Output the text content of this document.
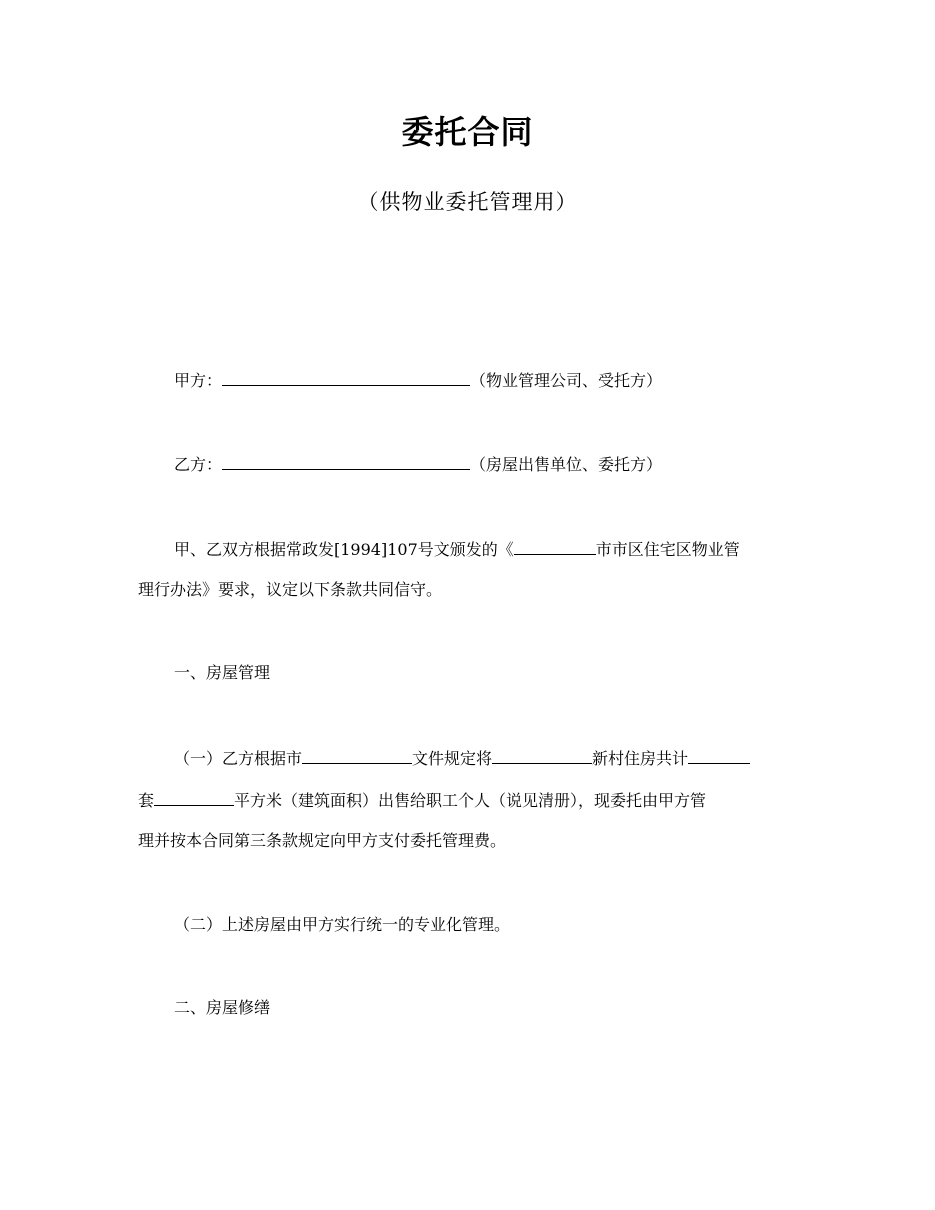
委托合同
（供物业委托管理用）
甲方：	（物业管理公司、受托方）
乙方：	（房屋出售单位、委托方）
甲、乙双方根据常政发[1994]107号文颁发的《	市市区住宅区物业管
理行办法》要求，议定以下条款共同信守。
一、房屋管理
（一）乙方根据市	文件规定将	新村住房共计
套	平方米（建筑面积）出售给职工个人（说见清册），现委托由甲方管
理并按本合同第三条款规定向甲方支付委托管理费。
（二）上述房屋由甲方实行统一的专业化管理。
二、房屋修缮
